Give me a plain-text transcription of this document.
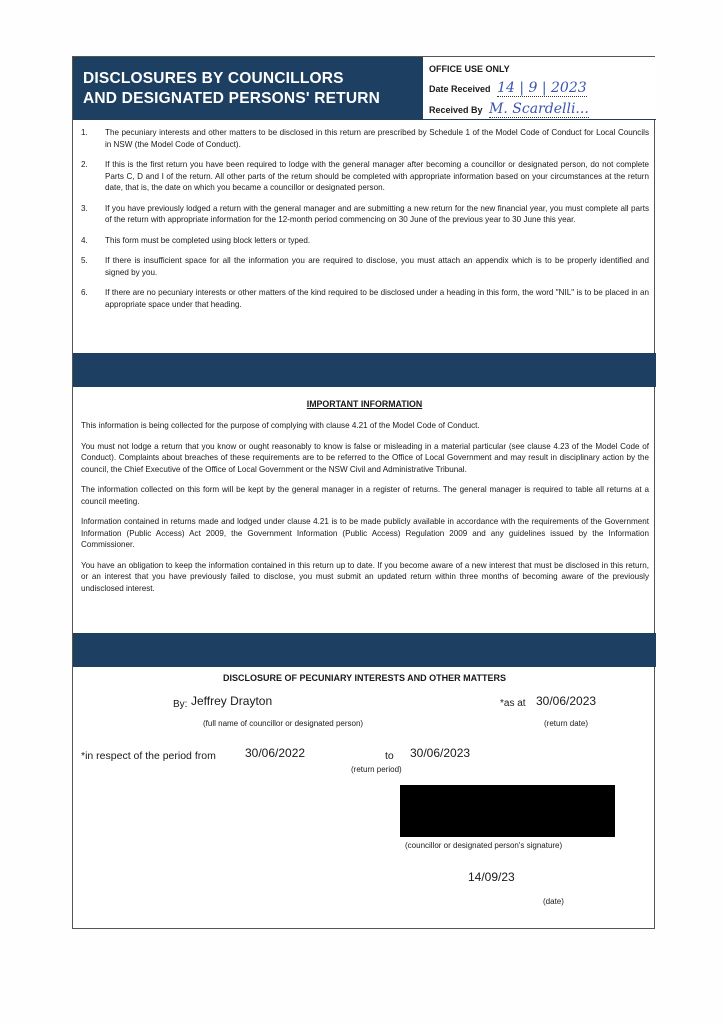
DISCLOSURES BY COUNCILLORS
AND DESIGNATED PERSONS' RETURN
OFFICE USE ONLY
Date Received 14 | 9 | 2023
Received By M. Scardelli...
1. The pecuniary interests and other matters to be disclosed in this return are prescribed by Schedule 1 of the Model Code of Conduct for Local Councils in NSW (the Model Code of Conduct).
2. If this is the first return you have been required to lodge with the general manager after becoming a councillor or designated person, do not complete Parts C, D and I of the return. All other parts of the return should be completed with appropriate information based on your circumstances at the return date, that is, the date on which you became a councillor or designated person.
3. If you have previously lodged a return with the general manager and are submitting a new return for the new financial year, you must complete all parts of the return with appropriate information for the 12-month period commencing on 30 June of the previous year to 30 June this year.
4. This form must be completed using block letters or typed.
5. If there is insufficient space for all the information you are required to disclose, you must attach an appendix which is to be properly identified and signed by you.
6. If there are no pecuniary interests or other matters of the kind required to be disclosed under a heading in this form, the word "NIL" is to be placed in an appropriate space under that heading.
IMPORTANT INFORMATION

This information is being collected for the purpose of complying with clause 4.21 of the Model Code of Conduct.

You must not lodge a return that you know or ought reasonably to know is false or misleading in a material particular (see clause 4.23 of the Model Code of Conduct). Complaints about breaches of these requirements are to be referred to the Office of Local Government and may result in disciplinary action by the council, the Chief Executive of the Office of Local Government or the NSW Civil and Administrative Tribunal.

The information collected on this form will be kept by the general manager in a register of returns. The general manager is required to table all returns at a council meeting.

Information contained in returns made and lodged under clause 4.21 is to be made publicly available in accordance with the requirements of the Government Information (Public Access) Act 2009, the Government Information (Public Access) Regulation 2009 and any guidelines issued by the Information Commissioner.

You have an obligation to keep the information contained in this return up to date. If you become aware of a new interest that must be disclosed in this return, or an interest that you have previously failed to disclose, you must submit an updated return within three months of becoming aware of the previously undisclosed interest.

DISCLOSURE OF PECUNIARY INTERESTS AND OTHER MATTERS
By: Jeffrey Drayton
(full name of councillor or designated person)
*as at 30/06/2023
(return date)
*in respect of the period from 30/06/2022	to 30/06/2023
(return period)
(councillor or designated person's signature)
14/09/23
(date)
